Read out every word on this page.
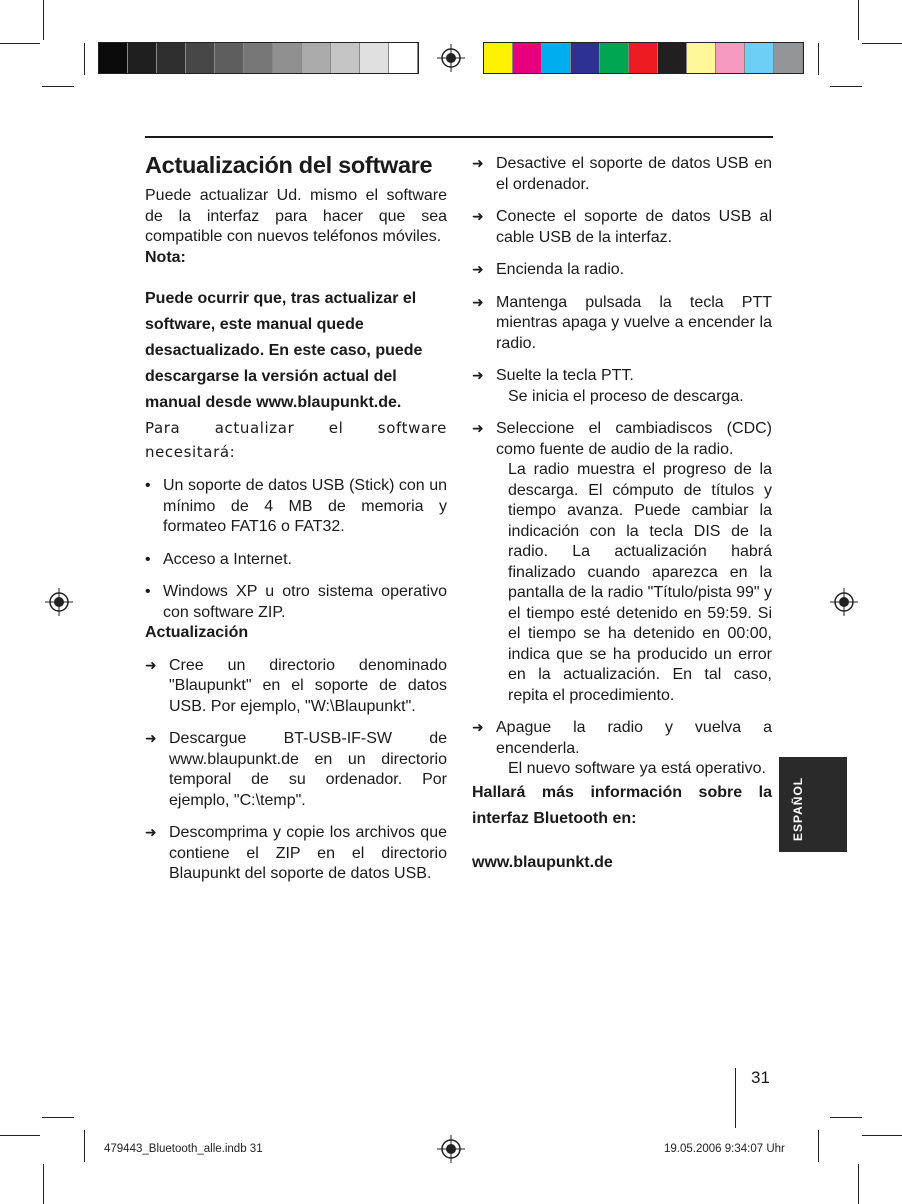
Actualización del software

Puede actualizar Ud. mismo el software de la interfaz para hacer que sea compatible con nuevos teléfonos móviles.

Nota:

Puede ocurrir que, tras actualizar el software, este manual quede desactualizado. En este caso, puede descargarse la versión actual del manual desde www.blaupunkt.de.

Para actualizar el software necesitará:

• Un soporte de datos USB (Stick) con un mínimo de 4 MB de memoria y formateo FAT16 o FAT32.
• Acceso a Internet.
• Windows XP u otro sistema operativo con software ZIP.

Actualización

➜ Cree un directorio denominado "Blaupunkt" en el soporte de datos USB. Por ejemplo, "W:\Blaupunkt".
➜ Descargue BT-USB-IF-SW de www.blaupunkt.de en un directorio temporal de su ordenador. Por ejemplo, "C:\temp".
➜ Descomprima y copie los archivos que contiene el ZIP en el directorio Blaupunkt del soporte de datos USB.
➜ Desactive el soporte de datos USB en el ordenador.
➜ Conecte el soporte de datos USB al cable USB de la interfaz.
➜ Encienda la radio.
➜ Mantenga pulsada la tecla PTT mientras apaga y vuelve a encender la radio.
➜ Suelte la tecla PTT.

Se inicia el proceso de descarga.

➜ Seleccione el cambiadiscos (CDC) como fuente de audio de la radio.

La radio muestra el progreso de la descarga. El cómputo de títulos y tiempo avanza. Puede cambiar la indicación con la tecla DIS de la radio. La actualización habrá finalizado cuando aparezca en la pantalla de la radio "Título/pista 99" y el tiempo esté detenido en 59:59. Si el tiempo se ha detenido en 00:00, indica que se ha producido un error en la actualización. En tal caso, repita el procedimiento.

➜ Apague la radio y vuelva a encenderla.

El nuevo software ya está operativo.

Hallará más información sobre la interfaz Bluetooth en:

www.blaupunkt.de

ESPAÑOL
31
479443_Bluetooth_alle.indb 31	19.05.2006 9:34:07 Uhr
